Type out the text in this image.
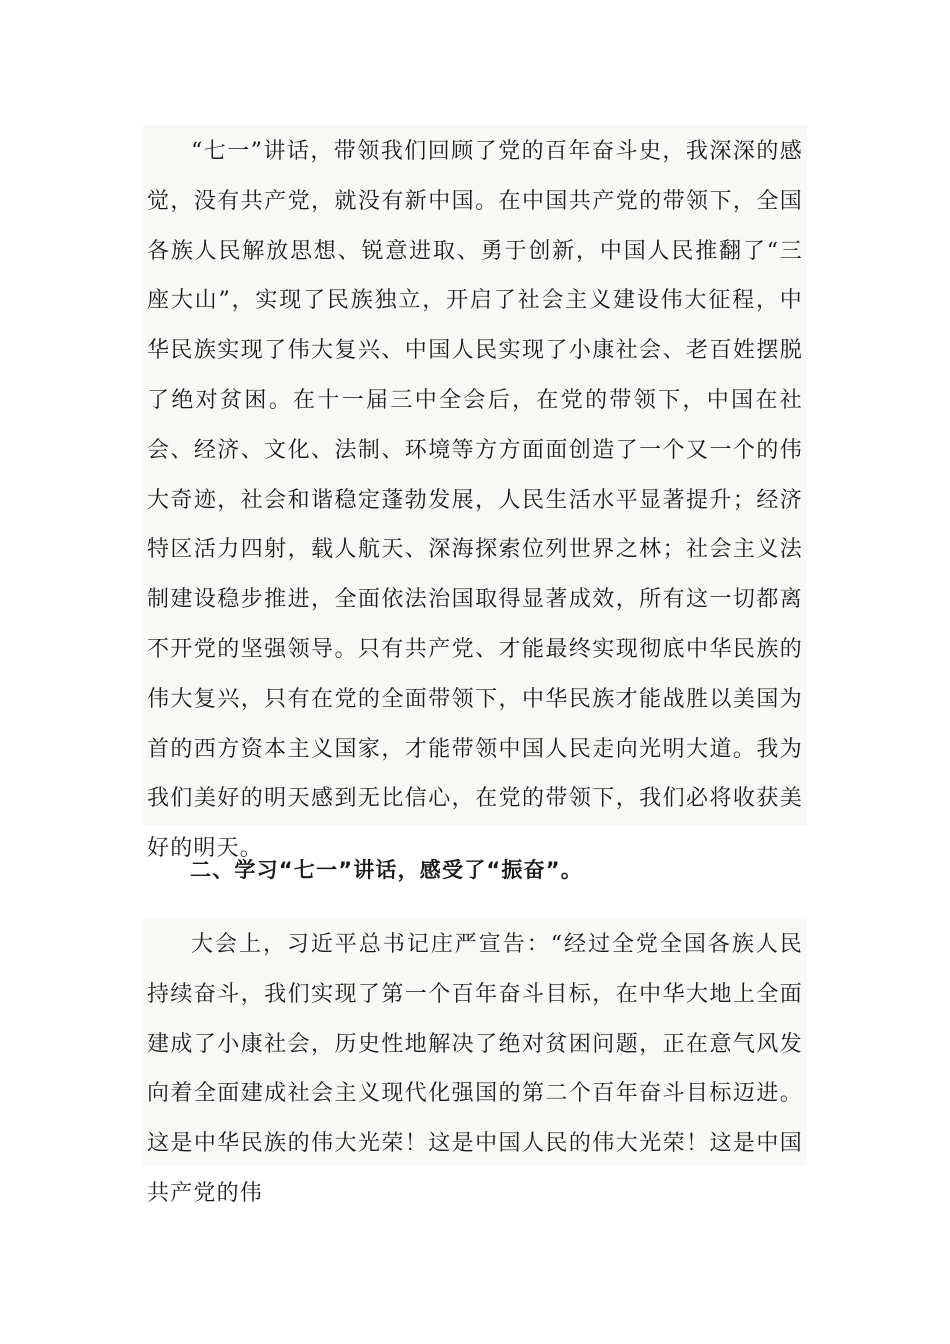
“七一”讲话，带领我们回顾了党的百年奋斗史，我深深的感觉，没有共产党，就没有新中国。在中国共产党的带领下，全国各族人民解放思想、锐意进取、勇于创新，中国人民推翻了“三座大山”，实现了民族独立，开启了社会主义建设伟大征程，中华民族实现了伟大复兴、中国人民实现了小康社会、老百姓摆脱了绝对贫困。在十一届三中全会后，在党的带领下，中国在社会、经济、文化、法制、环境等方方面面创造了一个又一个的伟大奇迹，社会和谐稳定蓬勃发展，人民生活水平显著提升；经济特区活力四射，载人航天、深海探索位列世界之林；社会主义法制建设稳步推进，全面依法治国取得显著成效，所有这一切都离不开党的坚强领导。只有共产党、才能最终实现彻底中华民族的伟大复兴，只有在党的全面带领下，中华民族才能战胜以美国为首的西方资本主义国家，才能带领中国人民走向光明大道。我为我们美好的明天感到无比信心，在党的带领下，我们必将收获美好的明天。

二、学习“七一”讲话，感受了“振奋”。

大会上，习近平总书记庄严宣告：“经过全党全国各族人民持续奋斗，我们实现了第一个百年奋斗目标，在中华大地上全面建成了小康社会，历史性地解决了绝对贫困问题，正在意气风发向着全面建成社会主义现代化强国的第二个百年奋斗目标迈进。这是中华民族的伟大光荣！这是中国人民的伟大光荣！这是中国共产党的伟
